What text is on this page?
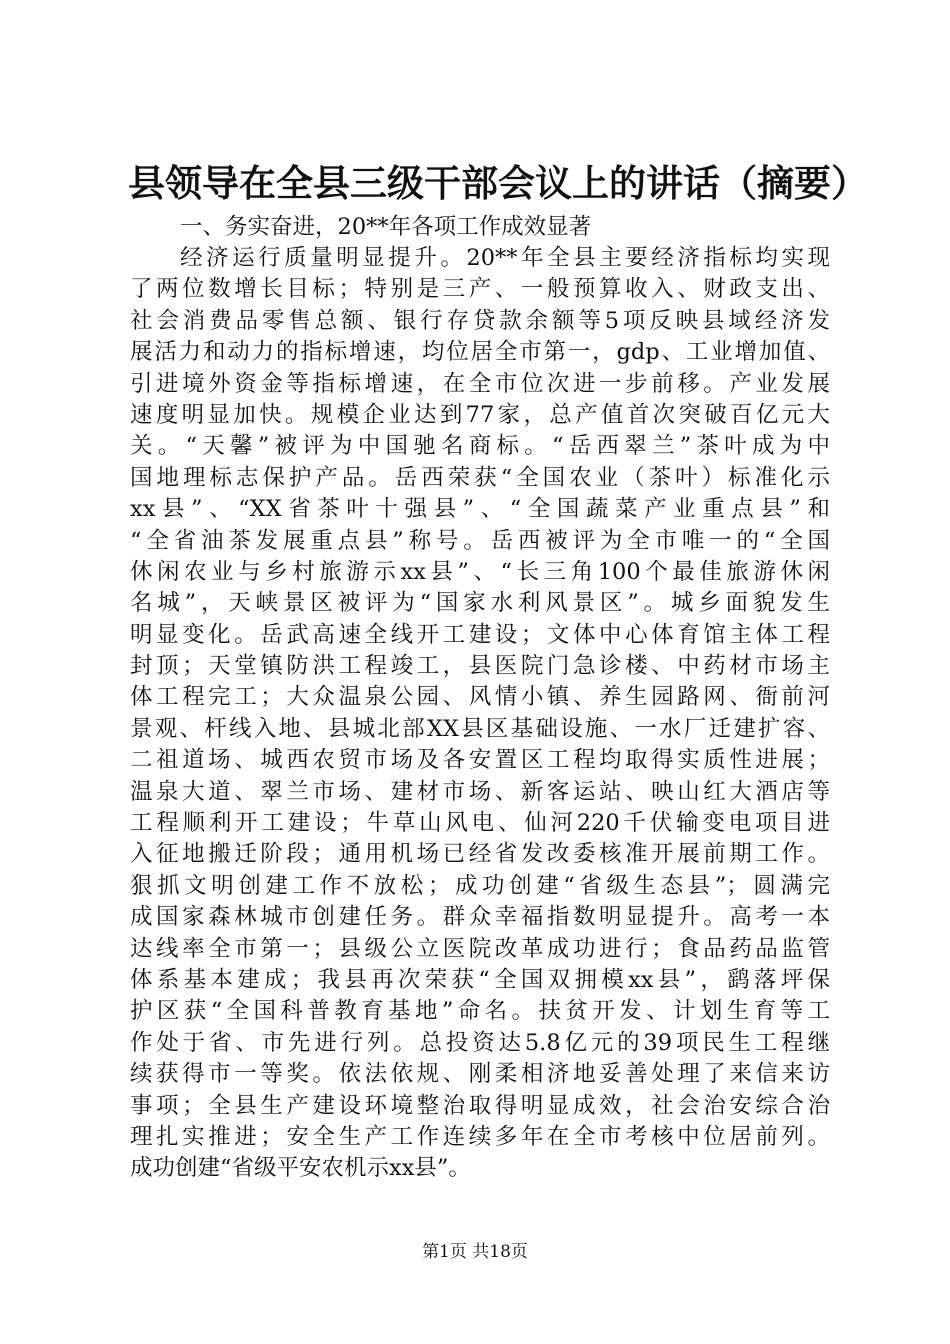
县领导在全县三级干部会议上的讲话（摘要）

一、务实奋进，20**年各项工作成效显著

经济运行质量明显提升。20**年全县主要经济指标均实现
了两位数增长目标；特别是三产、一般预算收入、财政支出、
社会消费品零售总额、银行存贷款余额等5项反映县域经济发
展活力和动力的指标增速，均位居全市第一，gdp、工业增加值、
引进境外资金等指标增速，在全市位次进一步前移。产业发展
速度明显加快。规模企业达到77家，总产值首次突破百亿元大
关。“天馨”被评为中国驰名商标。“岳西翠兰”茶叶成为中
国地理标志保护产品。岳西荣获“全国农业（茶叶）标准化示
xx县”、“XX省茶叶十强县”、“全国蔬菜产业重点县”和
“全省油茶发展重点县”称号。岳西被评为全市唯一的“全国
休闲农业与乡村旅游示xx县”、“长三角100个最佳旅游休闲
名城”，天峡景区被评为“国家水利风景区”。城乡面貌发生
明显变化。岳武高速全线开工建设；文体中心体育馆主体工程
封顶；天堂镇防洪工程竣工，县医院门急诊楼、中药材市场主
体工程完工；大众温泉公园、风情小镇、养生园路网、衙前河
景观、杆线入地、县城北部XX县区基础设施、一水厂迁建扩容、
二祖道场、城西农贸市场及各安置区工程均取得实质性进展；
温泉大道、翠兰市场、建材市场、新客运站、映山红大酒店等
工程顺利开工建设；牛草山风电、仙河220千伏输变电项目进
入征地搬迁阶段；通用机场已经省发改委核准开展前期工作。
狠抓文明创建工作不放松；成功创建“省级生态县”；圆满完
成国家森林城市创建任务。群众幸福指数明显提升。高考一本
达线率全市第一；县级公立医院改革成功进行；食品药品监管
体系基本建成；我县再次荣获“全国双拥模xx县”，鹞落坪保
护区获“全国科普教育基地”命名。扶贫开发、计划生育等工
作处于省、市先进行列。总投资达5.8亿元的39项民生工程继
续获得市一等奖。依法依规、刚柔相济地妥善处理了来信来访
事项；全县生产建设环境整治取得明显成效，社会治安综合治
理扎实推进；安全生产工作连续多年在全市考核中位居前列。
成功创建“省级平安农机示xx县”。
第1页 共18页
